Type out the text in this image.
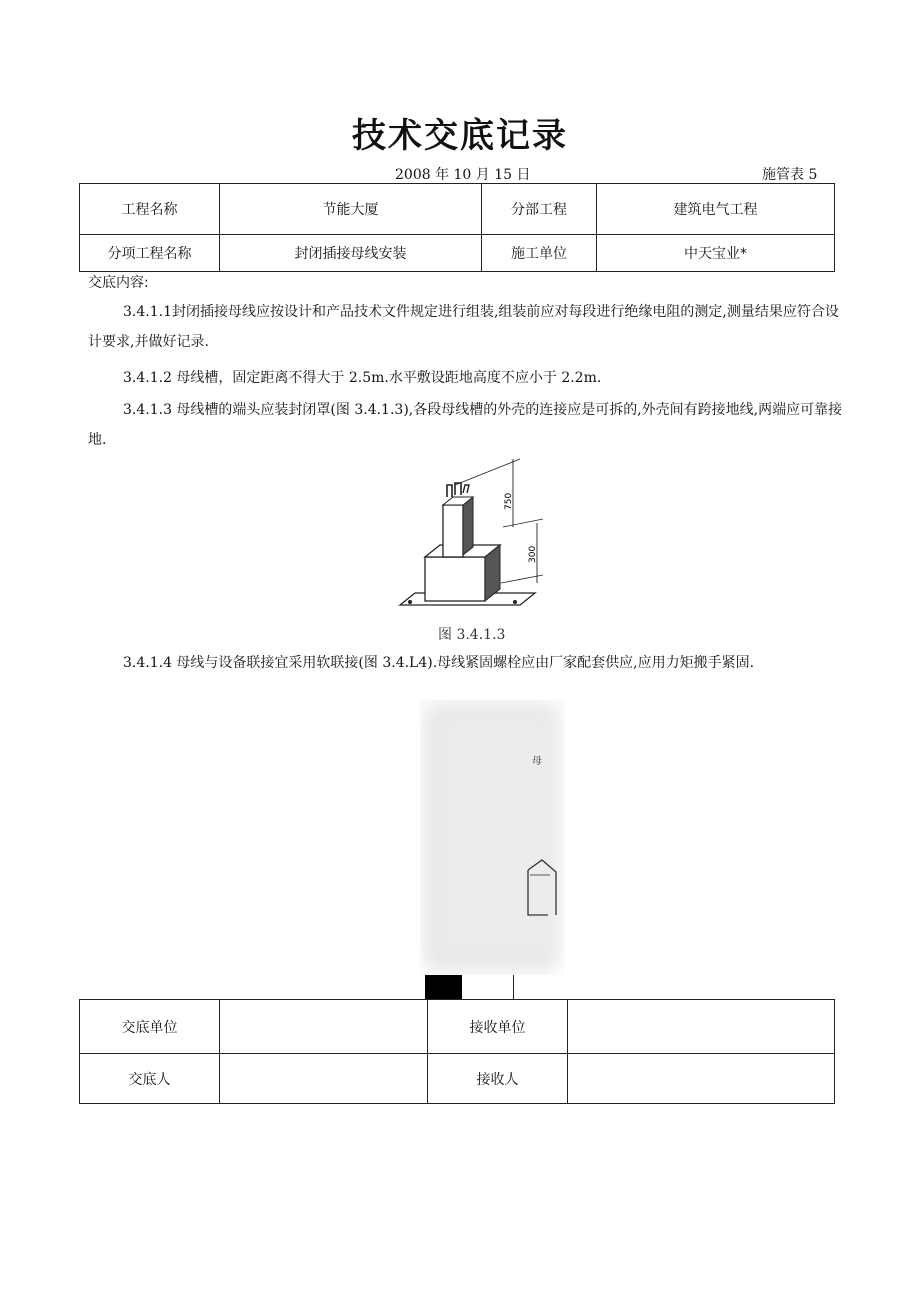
技术交底记录
2008 年 10 月 15 日	施管表 5
工程名称	节能大厦	分部工程	建筑电气工程
分项工程名称	封闭插接母线安装	施工单位	中天宝业*
交底内容:
3.4.1.1封闭插接母线应按设计和产品技术文件规定进行组装,组装前应对每段进行绝缘电阻的测定,测量结果应符合设计要求,并做好记录.
3.4.1.2 母线槽，固定距离不得大于 2.5m.水平敷设距地高度不应小于 2.2m.
3.4.1.3 母线槽的端头应装封闭罩(图 3.4.1.3),各段母线槽的外壳的连接应是可拆的,外壳间有跨接地线,两端应可靠接地.
750
300
图 3.4.1.3
3.4.1.4 母线与设备联接宜采用软联接(图 3.4.L4).母线紧固螺栓应由厂家配套供应,应用力矩搬手紧固.
母
交底单位		接收单位	
交底人		接收人	
